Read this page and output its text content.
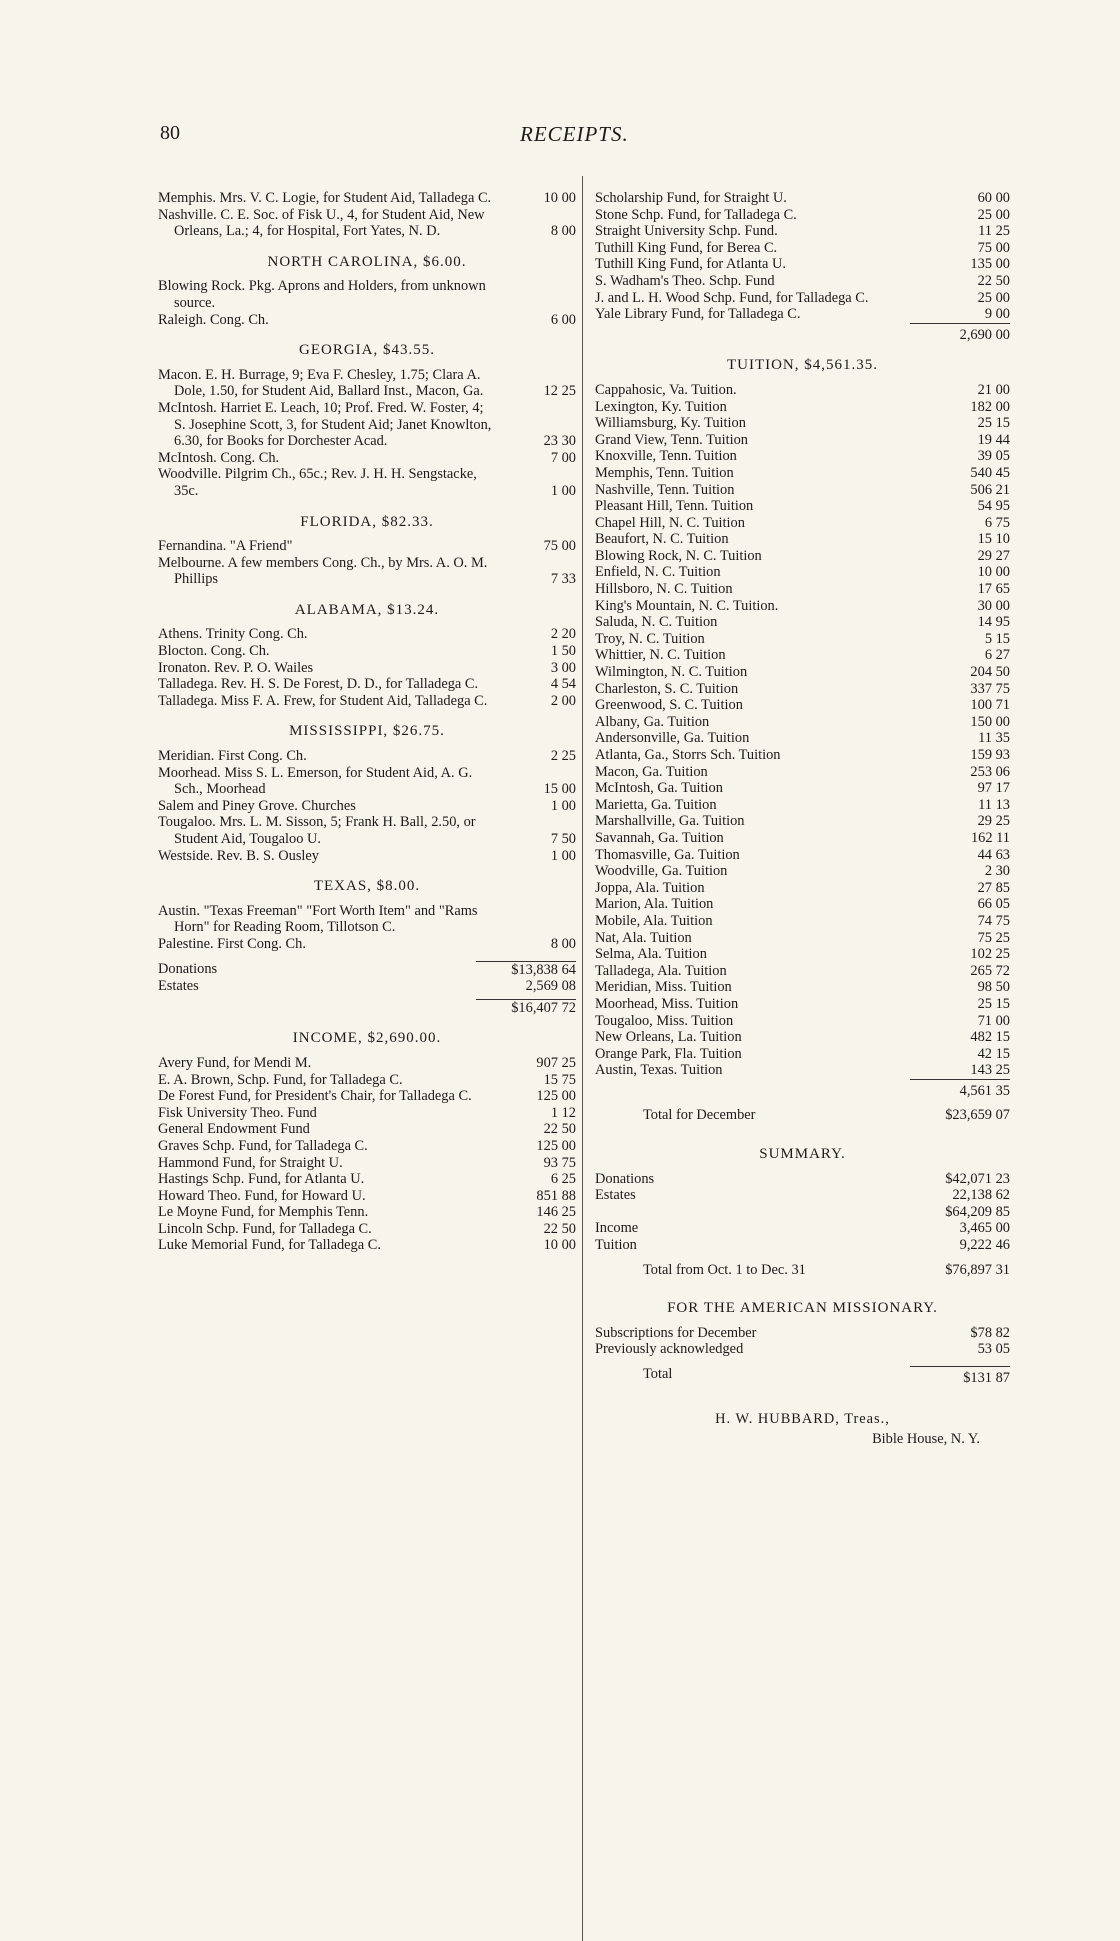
80	RECEIPTS.
Memphis. Mrs. V. C. Logie, for Student Aid, Talladega C.	10 00
Nashville. C. E. Soc. of Fisk U., 4, for Student Aid, New Orleans, La.; 4, for Hospital, Fort Yates, N. D.	8 00
NORTH CAROLINA, $6.00.
Blowing Rock. Pkg. Aprons and Holders, from unknown source.
Raleigh. Cong. Ch.	6 00
GEORGIA, $43.55.
Macon. E. H. Burrage, 9; Eva F. Chesley, 1.75; Clara A. Dole, 1.50, for Student Aid, Ballard Inst., Macon, Ga.	12 25
McIntosh. Harriet E. Leach, 10; Prof. Fred. W. Foster, 4; S. Josephine Scott, 3, for Student Aid; Janet Knowlton, 6.30, for Books for Dorchester Acad.	23 30
McIntosh. Cong. Ch.	7 00
Woodville. Pilgrim Ch., 65c.; Rev. J. H. H. Sengstacke, 35c.	1 00
FLORIDA, $82.33.
Fernandina. "A Friend"	75 00
Melbourne. A few members Cong. Ch., by Mrs. A. O. M. Phillips	7 33
ALABAMA, $13.24.
Athens. Trinity Cong. Ch.	2 20
Blocton. Cong. Ch.	1 50
Ironaton. Rev. P. O. Wailes	3 00
Talladega. Rev. H. S. De Forest, D. D., for Talladega C.	4 54
Talladega. Miss F. A. Frew, for Student Aid, Talladega C.	2 00
MISSISSIPPI, $26.75.
Meridian. First Cong. Ch.	2 25
Moorhead. Miss S. L. Emerson, for Student Aid, A. G. Sch., Moorhead	15 00
Salem and Piney Grove. Churches	1 00
Tougaloo. Mrs. L. M. Sisson, 5; Frank H. Ball, 2.50, or Student Aid, Tougaloo U.	7 50
Westside. Rev. B. S. Ousley	1 00
TEXAS, $8.00.
Austin. "Texas Freeman" "Fort Worth Item" and "Rams Horn" for Reading Room, Tillotson C.
Palestine. First Cong. Ch.	8 00
Donations	$13,838 64
Estates	2,569 08
$16,407 72
INCOME, $2,690.00.
Avery Fund, for Mendi M.	907 25
E. A. Brown, Schp. Fund, for Talladega C.	15 75
De Forest Fund, for President's Chair, for Talladega C.	125 00
Fisk University Theo. Fund	1 12
General Endowment Fund	22 50
Graves Schp. Fund, for Talladega C.	125 00
Hammond Fund, for Straight U.	93 75
Hastings Schp. Fund, for Atlanta U.	6 25
Howard Theo. Fund, for Howard U.	851 88
Le Moyne Fund, for Memphis Tenn.	146 25
Lincoln Schp. Fund, for Talladega C.	22 50
Luke Memorial Fund, for Talladega C.	10 00
Scholarship Fund, for Straight U.	60 00
Stone Schp. Fund, for Talladega C.	25 00
Straight University Schp. Fund.	11 25
Tuthill King Fund, for Berea C.	75 00
Tuthill King Fund, for Atlanta U.	135 00
S. Wadham's Theo. Schp. Fund	22 50
J. and L. H. Wood Schp. Fund, for Talladega C.	25 00
Yale Library Fund, for Talladega C.	9 00
2,690 00
TUITION, $4,561.35.
Cappahosic, Va. Tuition.	21 00
Lexington, Ky. Tuition	182 00
Williamsburg, Ky. Tuition	25 15
Grand View, Tenn. Tuition	19 44
Knoxville, Tenn. Tuition	39 05
Memphis, Tenn. Tuition	540 45
Nashville, Tenn. Tuition	506 21
Pleasant Hill, Tenn. Tuition	54 95
Chapel Hill, N. C. Tuition	6 75
Beaufort, N. C. Tuition	15 10
Blowing Rock, N. C. Tuition	29 27
Enfield, N. C. Tuition	10 00
Hillsboro, N. C. Tuition	17 65
King's Mountain, N. C. Tuition.	30 00
Saluda, N. C. Tuition	14 95
Troy, N. C. Tuition	5 15
Whittier, N. C. Tuition	6 27
Wilmington, N. C. Tuition	204 50
Charleston, S. C. Tuition	337 75
Greenwood, S. C. Tuition	100 71
Albany, Ga. Tuition	150 00
Andersonville, Ga. Tuition	11 35
Atlanta, Ga., Storrs Sch. Tuition	159 93
Macon, Ga. Tuition	253 06
McIntosh, Ga. Tuition	97 17
Marietta, Ga. Tuition	11 13
Marshallville, Ga. Tuition	29 25
Savannah, Ga. Tuition	162 11
Thomasville, Ga. Tuition	44 63
Woodville, Ga. Tuition	2 30
Joppa, Ala. Tuition	27 85
Marion, Ala. Tuition	66 05
Mobile, Ala. Tuition	74 75
Nat, Ala. Tuition	75 25
Selma, Ala. Tuition	102 25
Talladega, Ala. Tuition	265 72
Meridian, Miss. Tuition	98 50
Moorhead, Miss. Tuition	25 15
Tougaloo, Miss. Tuition	71 00
New Orleans, La. Tuition	482 15
Orange Park, Fla. Tuition	42 15
Austin, Texas. Tuition	143 25
4,561 35
Total for December	$23,659 07
SUMMARY.
Donations	$42,071 23
Estates	22,138 62
$64,209 85
Income	3,465 00
Tuition	9,222 46
Total from Oct. 1 to Dec. 31	$76,897 31
FOR THE AMERICAN MISSIONARY.
Subscriptions for December	$78 82
Previously acknowledged	53 05
Total	$131 87
H. W. HUBBARD, Treas.,
Bible House, N. Y.
